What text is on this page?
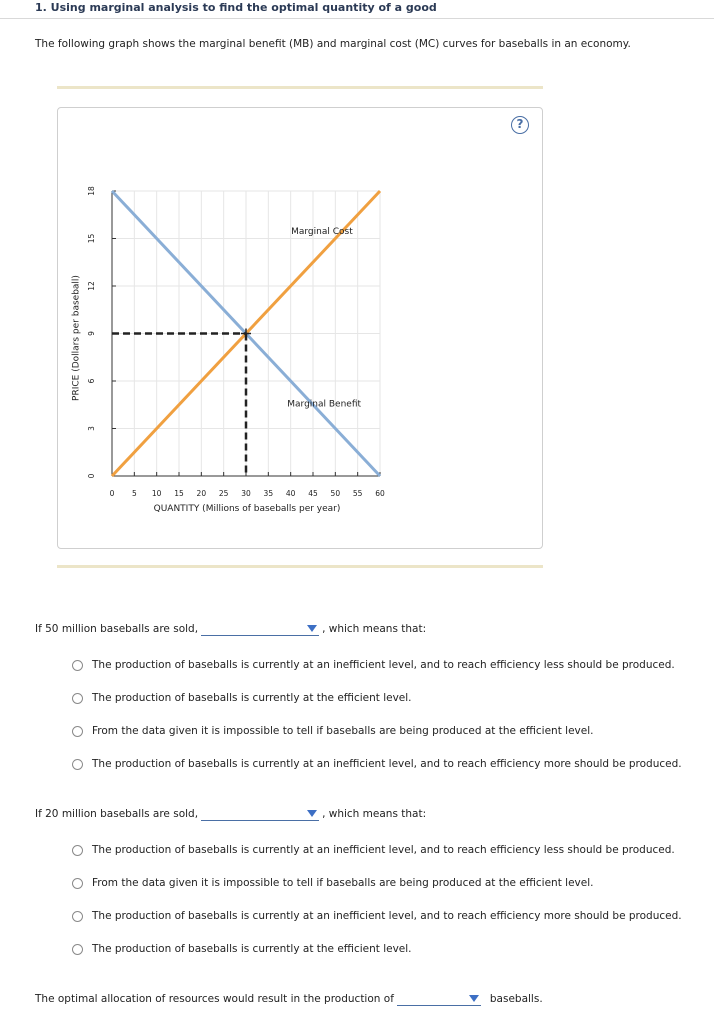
1. Using marginal analysis to find the optimal quantity of a good
The following graph shows the marginal benefit (MB) and marginal cost (MC) curves for baseballs in an economy.
?
0
3
6
9
12
15
18
0 5 10 15 20 25 30 35 40 45 50 55 60
QUANTITY (Millions of baseballs per year)
PRICE (Dollars per baseball)
Marginal Cost
Marginal Benefit
If 50 million baseballs are sold,	, which means that:
The production of baseballs is currently at an inefficient level, and to reach efficiency less should be produced.
The production of baseballs is currently at the efficient level.
From the data given it is impossible to tell if baseballs are being produced at the efficient level.
The production of baseballs is currently at an inefficient level, and to reach efficiency more should be produced.
If 20 million baseballs are sold,	, which means that:
The production of baseballs is currently at an inefficient level, and to reach efficiency less should be produced.
From the data given it is impossible to tell if baseballs are being produced at the efficient level.
The production of baseballs is currently at an inefficient level, and to reach efficiency more should be produced.
The production of baseballs is currently at the efficient level.
The optimal allocation of resources would result in the production of	baseballs.
